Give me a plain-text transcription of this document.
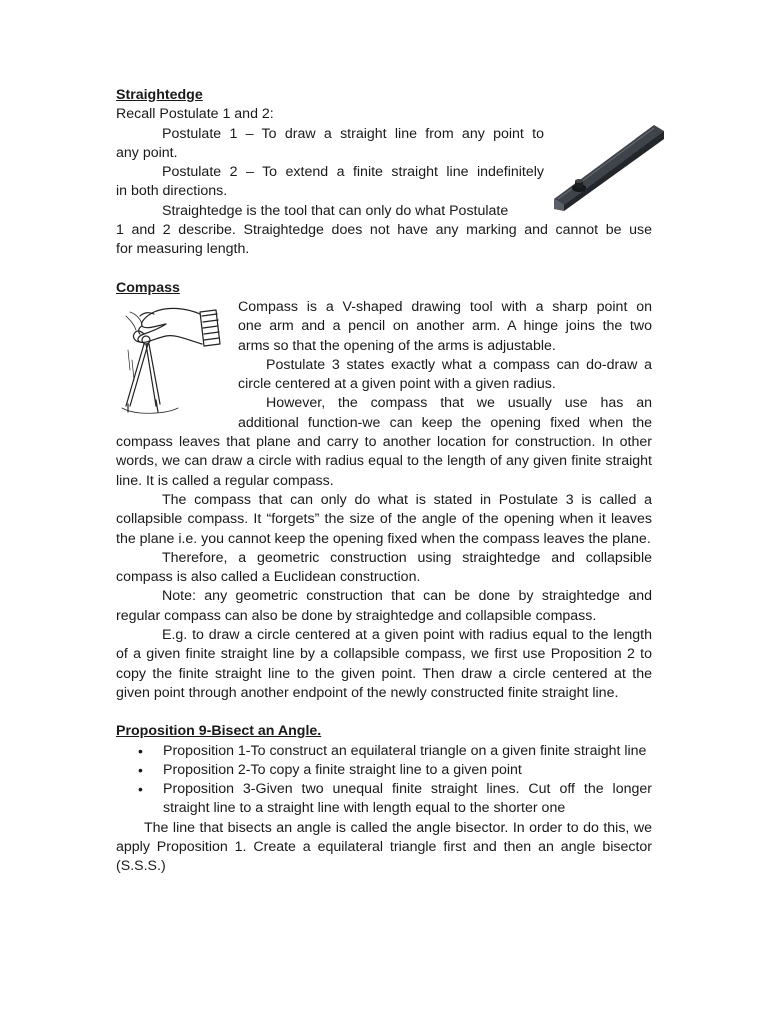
Straightedge

Recall Postulate 1 and 2:

Postulate 1 – To draw a straight line from any point to

any point.

Postulate 2 – To extend a finite straight line indefinitely

in both directions.

Straightedge is the tool that can only do what Postulate

1 and 2 describe. Straightedge does not have any marking and cannot be use

for measuring length.

Compass

Compass is a V-shaped drawing tool with a sharp point on

one arm and a pencil on another arm. A hinge joins the two

arms so that the opening of the arms is adjustable.

Postulate 3 states exactly what a compass can do-draw a

circle centered at a given point with a given radius.

However, the compass that we usually use has an

additional function-we can keep the opening fixed when the

compass leaves that plane and carry to another location for construction. In other words, we can draw a circle with radius equal to the length of any given finite straight line. It is called a regular compass.

The compass that can only do what is stated in Postulate 3 is called a collapsible compass. It “forgets” the size of the angle of the opening when it leaves the plane i.e. you cannot keep the opening fixed when the compass leaves the plane.

Therefore, a geometric construction using straightedge and collapsible compass is also called a Euclidean construction.

Note: any geometric construction that can be done by straightedge and regular compass can also be done by straightedge and collapsible compass.

E.g. to draw a circle centered at a given point with radius equal to the length of a given finite straight line by a collapsible compass, we first use Proposition 2 to copy the finite straight line to the given point. Then draw a circle centered at the given point through another endpoint of the newly constructed finite straight line.

Proposition 9-Bisect an Angle.

• Proposition 1-To construct an equilateral triangle on a given finite straight line
• Proposition 2-To copy a finite straight line to a given point
• Proposition 3-Given two unequal finite straight lines. Cut off the longer straight line to a straight line with length equal to the shorter one

The line that bisects an angle is called the angle bisector. In order to do this, we apply Proposition 1. Create a equilateral triangle first and then an angle bisector (S.S.S.)
